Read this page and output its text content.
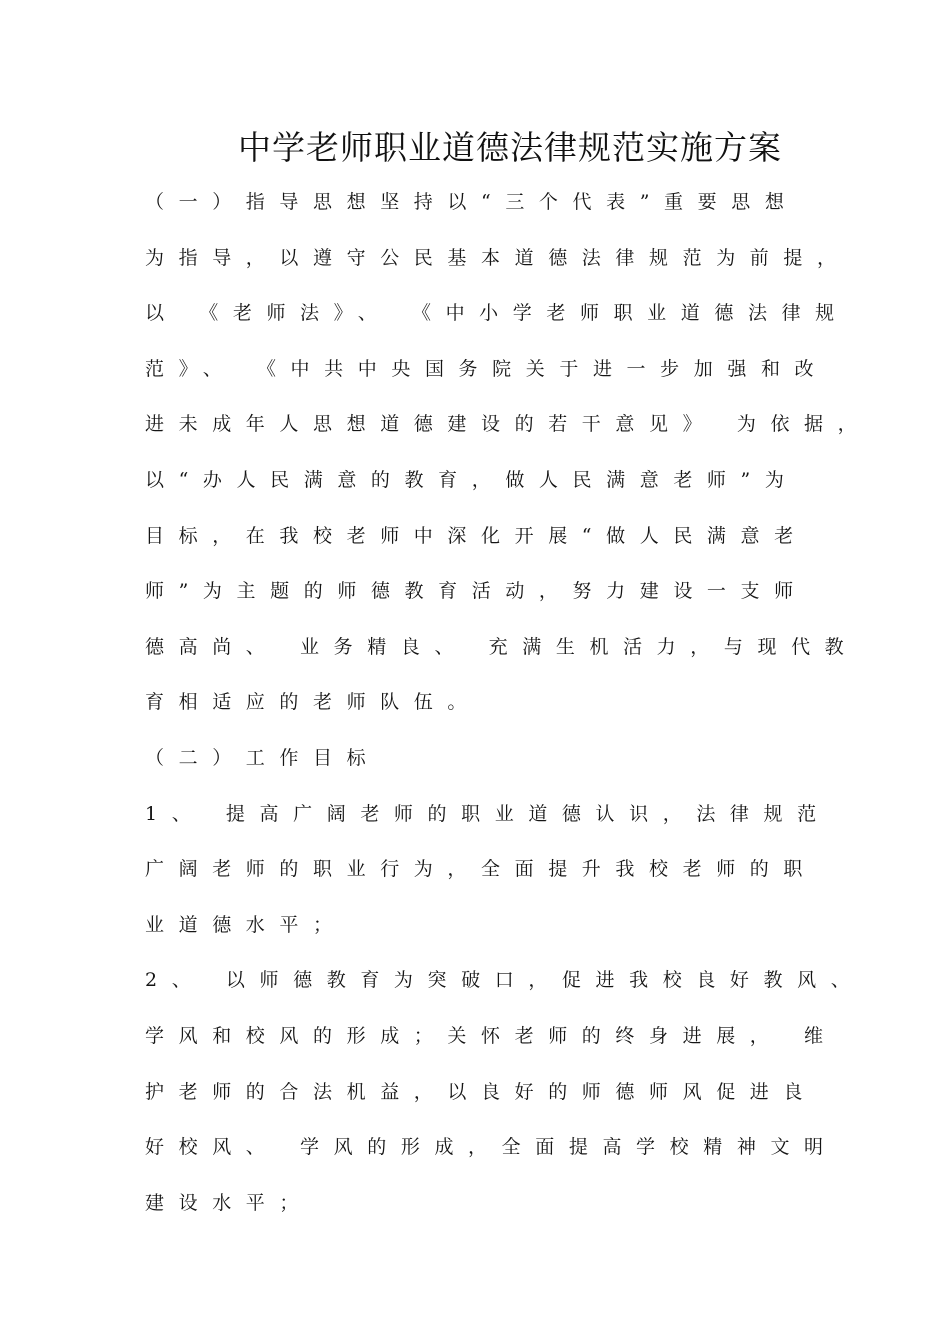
中学老师职业道德法律规范实施方案
（一）指导思想坚持以“三个代表”重要思想
为指导，以遵守公民基本道德法律规范为前提，
以 《老师法》、 《中小学老师职业道德法律规
范》、 《中共中央国务院关于进一步加强和改
进未成年人思想道德建设的若干意见》 为依据，
以“办人民满意的教育，做人民满意老师”为
目标，在我校老师中深化开展“做人民满意老
师”为主题的师德教育活动，努力建设一支师
德高尚、 业务精良、 充满生机活力，与现代教
育相适应的老师队伍。
（二）工作目标
1、 提高广阔老师的职业道德认识，法律规范
广阔老师的职业行为，全面提升我校老师的职
业道德水平；
2、 以师德教育为突破口，促进我校良好教风、
学风和校风的形成；关怀老师的终身进展， 维
护老师的合法机益，以良好的师德师风促进良
好校风、 学风的形成，全面提高学校精神文明
建设水平；
